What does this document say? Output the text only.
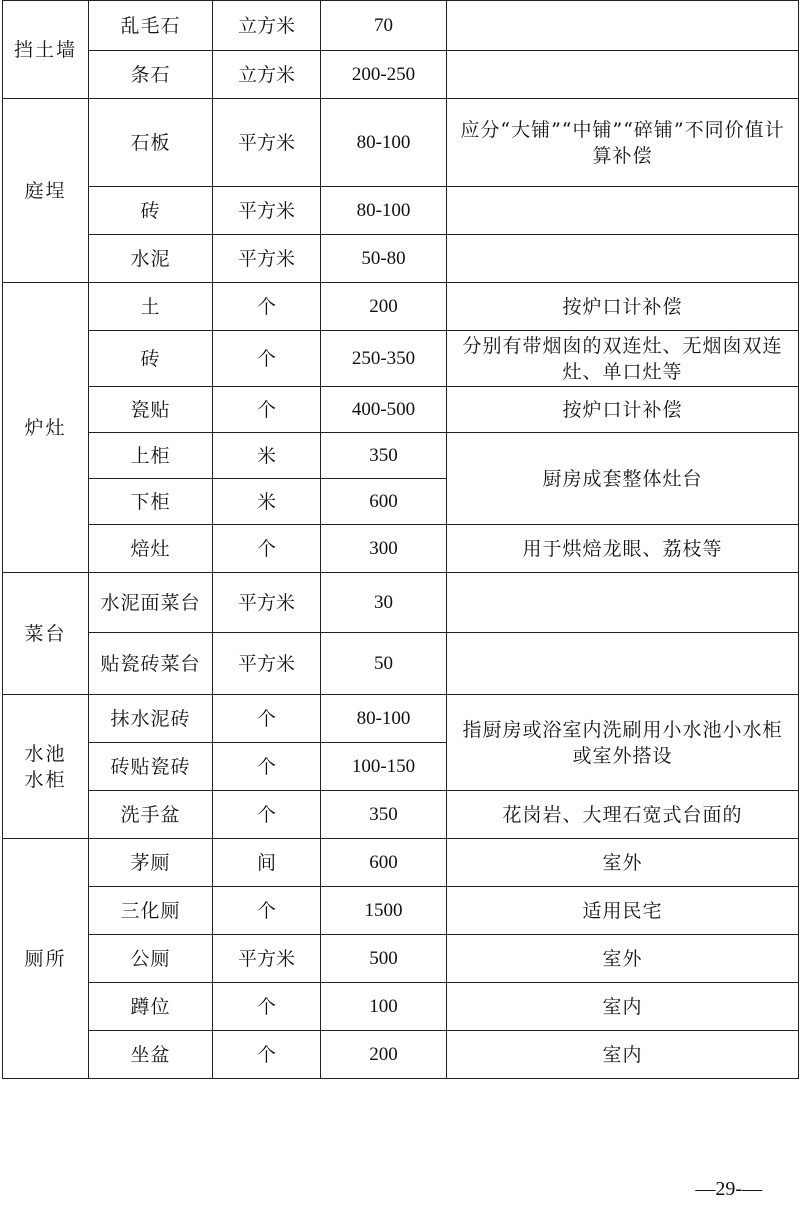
挡土墙	乱毛石	立方米	70	
	条石	立方米	200-250	
庭埕	石板	平方米	80-100	应分“大铺”“中铺”“碎铺”不同价值计算补偿
	砖	平方米	80-100	
	水泥	平方米	50-80	
炉灶	土	个	200	按炉口计补偿
	砖	个	250-350	分别有带烟囱的双连灶、无烟囱双连灶、单口灶等
	瓷贴	个	400-500	按炉口计补偿
	上柜	米	350	厨房成套整体灶台
	下柜	米	600	
	焙灶	个	300	用于烘焙龙眼、荔枝等
菜台	水泥面菜台	平方米	30	
	贴瓷砖菜台	平方米	50	
水池水柜	抹水泥砖	个	80-100	指厨房或浴室内洗刷用小水池小水柜或室外搭设
	砖贴瓷砖	个	100-150	
	洗手盆	个	350	花岗岩、大理石宽式台面的
厕所	茅厕	间	600	室外
	三化厕	个	1500	适用民宅
	公厕	平方米	500	室外
	蹲位	个	100	室内
	坐盆	个	200	室内
—29-—
